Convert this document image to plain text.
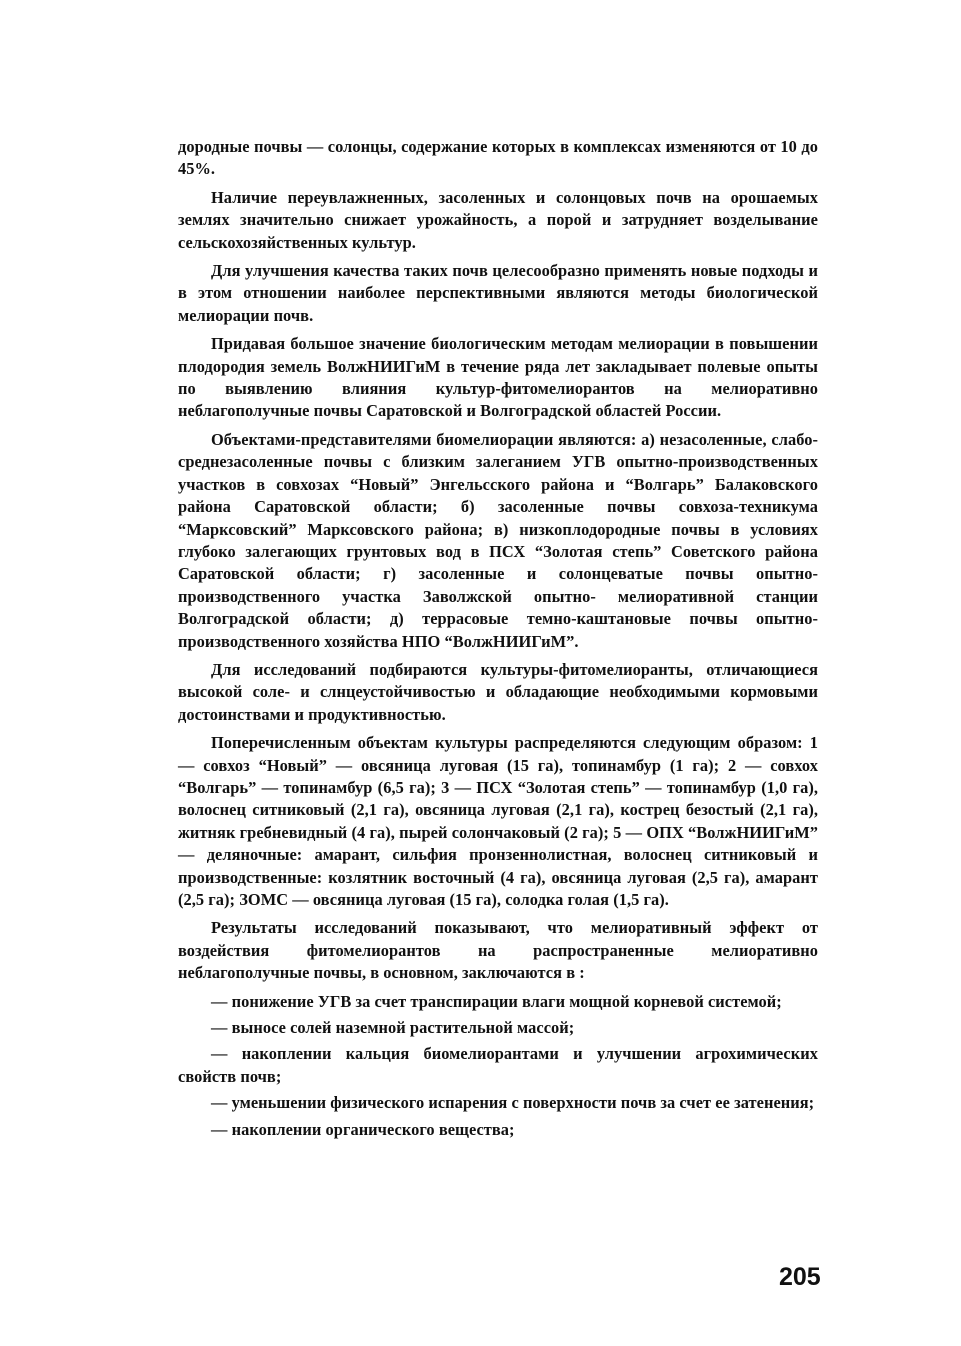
дородные почвы — солонцы, содержание которых в комплексах изменяются от 10 до 45%.

Наличие переувлажненных, засоленных и солонцовых почв на орошаемых землях значительно снижает урожайность, а порой и затрудняет возделывание сельскохозяйственных культур.

Для улучшения качества таких почв целесообразно применять новые подходы и в этом отношении наиболее перспективными являются методы биологической мелиорации почв.

Придавая большое значение биологическим методам мелиорации в повышении плодородия земель ВолжНИИГиМ в течение ряда лет закладывает полевые опыты по выявлению влияния культур-фитомелиорантов на мелиоративно неблагополучные почвы Саратовской и Волгоградской областей России.

Объектами-представителями биомелиорации являются: а) незасоленные, слабо-среднезасоленные почвы с близким залеганием УГВ опытно-производственных участков в совхозах “Новый” Энгельсского района и “Волгарь” Балаковского района Саратовской области; б) засоленные почвы совхоза-техникума “Марксовский” Марксовского района; в) низкоплодородные почвы в условиях глубоко залегающих грунтовых вод в ПСХ “Золотая степь” Советского района Саратовской области; г) засоленные и солонцеватые почвы опытно-производственного участка Заволжской опытно- мелиоративной станции Волгоградской области; д) террасовые темно-каштановые почвы опытно-производственного хозяйства НПО “ВолжНИИГиМ”.

Для исследований подбираются культуры-фитомелиоранты, отличающиеся высокой соле- и слнцеустойчивостью и обладающие необходимыми кормовыми достоинствами и продуктивностью.

Поперечисленным объектам культуры распределяются следующим образом: 1 — совхоз “Новый” — овсяница луговая (15 га), топинамбур (1 га); 2 — совхох “Волгарь” — топинамбур (6,5 га); 3 — ПСХ “Золотая степь” — топинамбур (1,0 га), волоснец ситниковый (2,1 га), овсяница луговая (2,1 га), кострец безостый (2,1 га), житняк гребневидный (4 га), пырей солончаковый (2 га); 5 — ОПХ “ВолжНИИГиМ” — деляночные: амарант, сильфия пронзеннолистная, волоснец ситниковый и производственные: козлятник восточный (4 га), овсяница луговая (2,5 га), амарант (2,5 га); ЗОМС — овсяница луговая (15 га), солодка голая (1,5 га).

Результаты исследований показывают, что мелиоративный эффект от воздействия фитомелиорантов на распространенные мелиоративно неблагополучные почвы, в основном, заключаются в :

— понижение УГВ за счет транспирации влаги мощной корневой системой;

— выносе солей наземной растительной массой;

— накоплении кальция биомелиорантами и улучшении агрохимических свойств почв;

— уменьшении физического испарения с поверхности почв за счет ее затенения;

— накоплении органического вещества;

205
